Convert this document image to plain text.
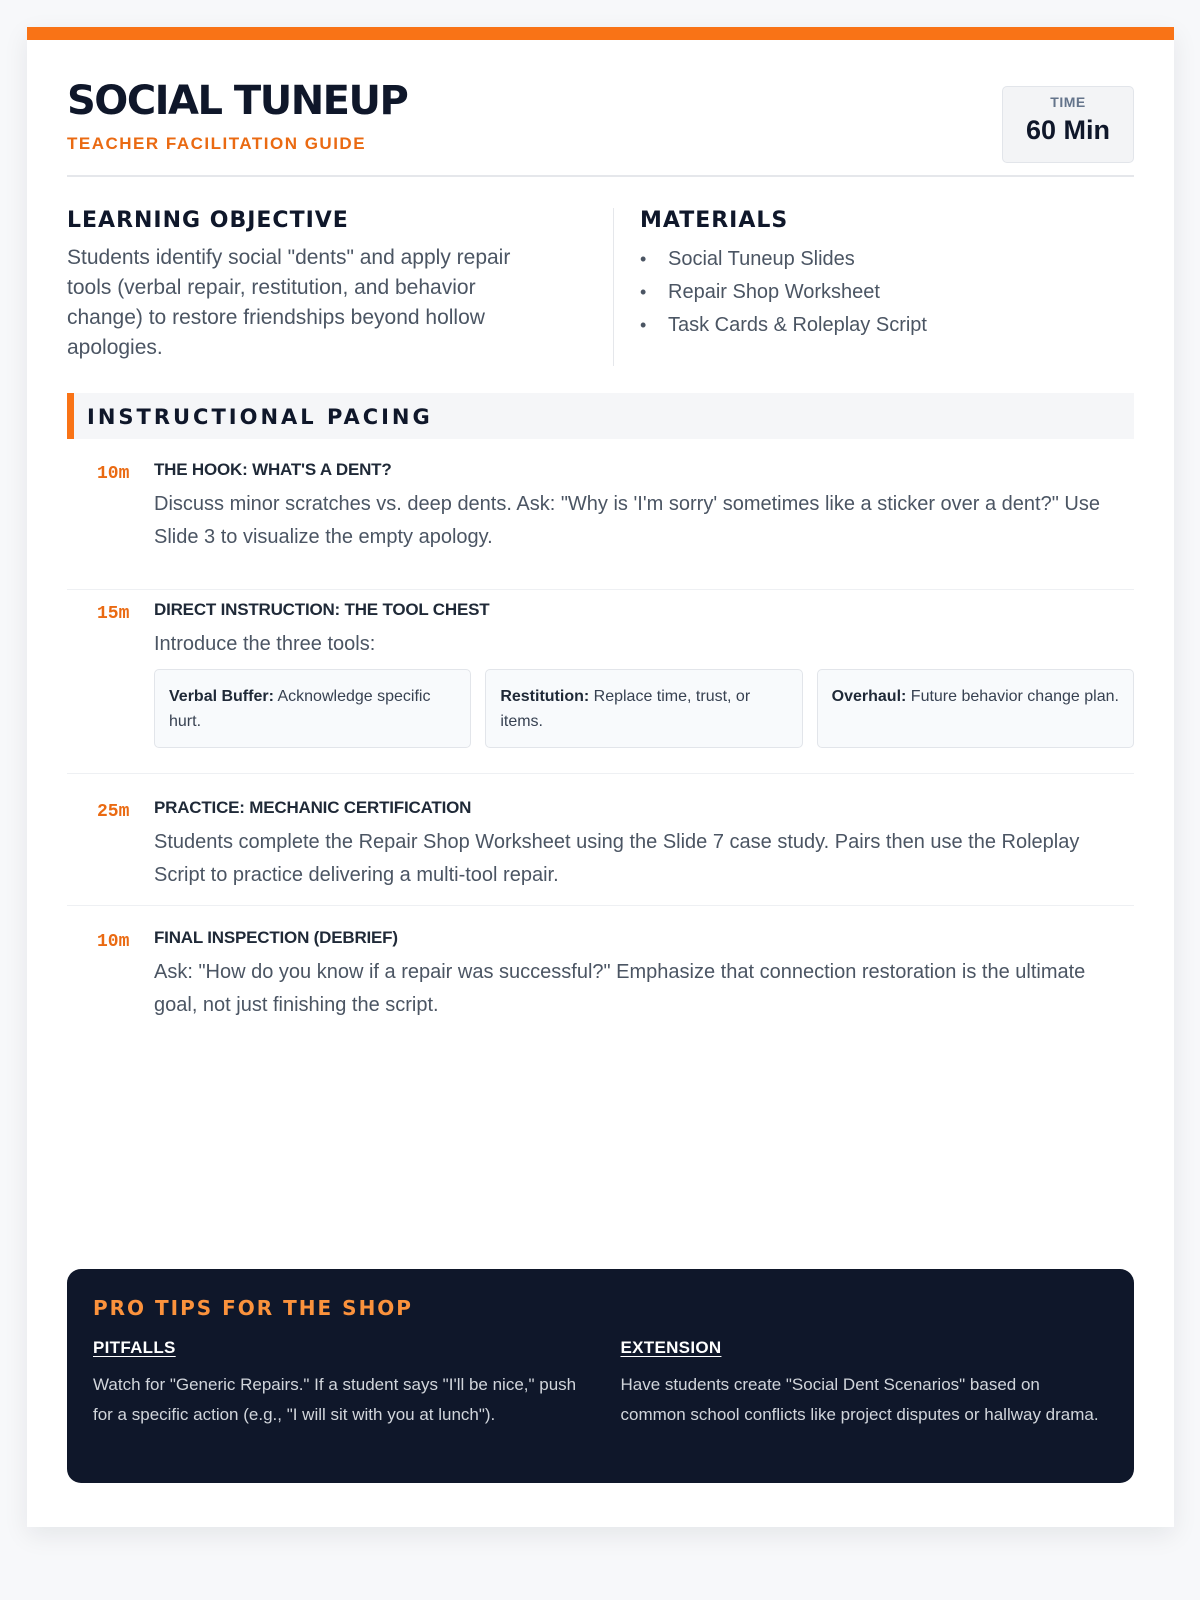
SOCIAL TUNEUP
TEACHER FACILITATION GUIDE
TIME
60 Min
LEARNING OBJECTIVE
Students identify social "dents" and apply repair tools (verbal repair, restitution, and behavior change) to restore friendships beyond hollow apologies.
MATERIALS
• Social Tuneup Slides
• Repair Shop Worksheet
• Task Cards & Roleplay Script
INSTRUCTIONAL PACING
10m THE HOOK: WHAT'S A DENT?
Discuss minor scratches vs. deep dents. Ask: "Why is 'I'm sorry' sometimes like a sticker over a dent?" Use Slide 3 to visualize the empty apology.
15m DIRECT INSTRUCTION: THE TOOL CHEST
Introduce the three tools:
Verbal Buffer: Acknowledge specific hurt.
Restitution: Replace time, trust, or items.
Overhaul: Future behavior change plan.
25m PRACTICE: MECHANIC CERTIFICATION
Students complete the Repair Shop Worksheet using the Slide 7 case study. Pairs then use the Roleplay Script to practice delivering a multi-tool repair.
10m FINAL INSPECTION (DEBRIEF)
Ask: "How do you know if a repair was successful?" Emphasize that connection restoration is the ultimate goal, not just finishing the script.
PRO TIPS FOR THE SHOP
PITFALLS
Watch for "Generic Repairs." If a student says "I'll be nice," push for a specific action (e.g., "I will sit with you at lunch").
EXTENSION
Have students create "Social Dent Scenarios" based on common school conflicts like project disputes or hallway drama.
